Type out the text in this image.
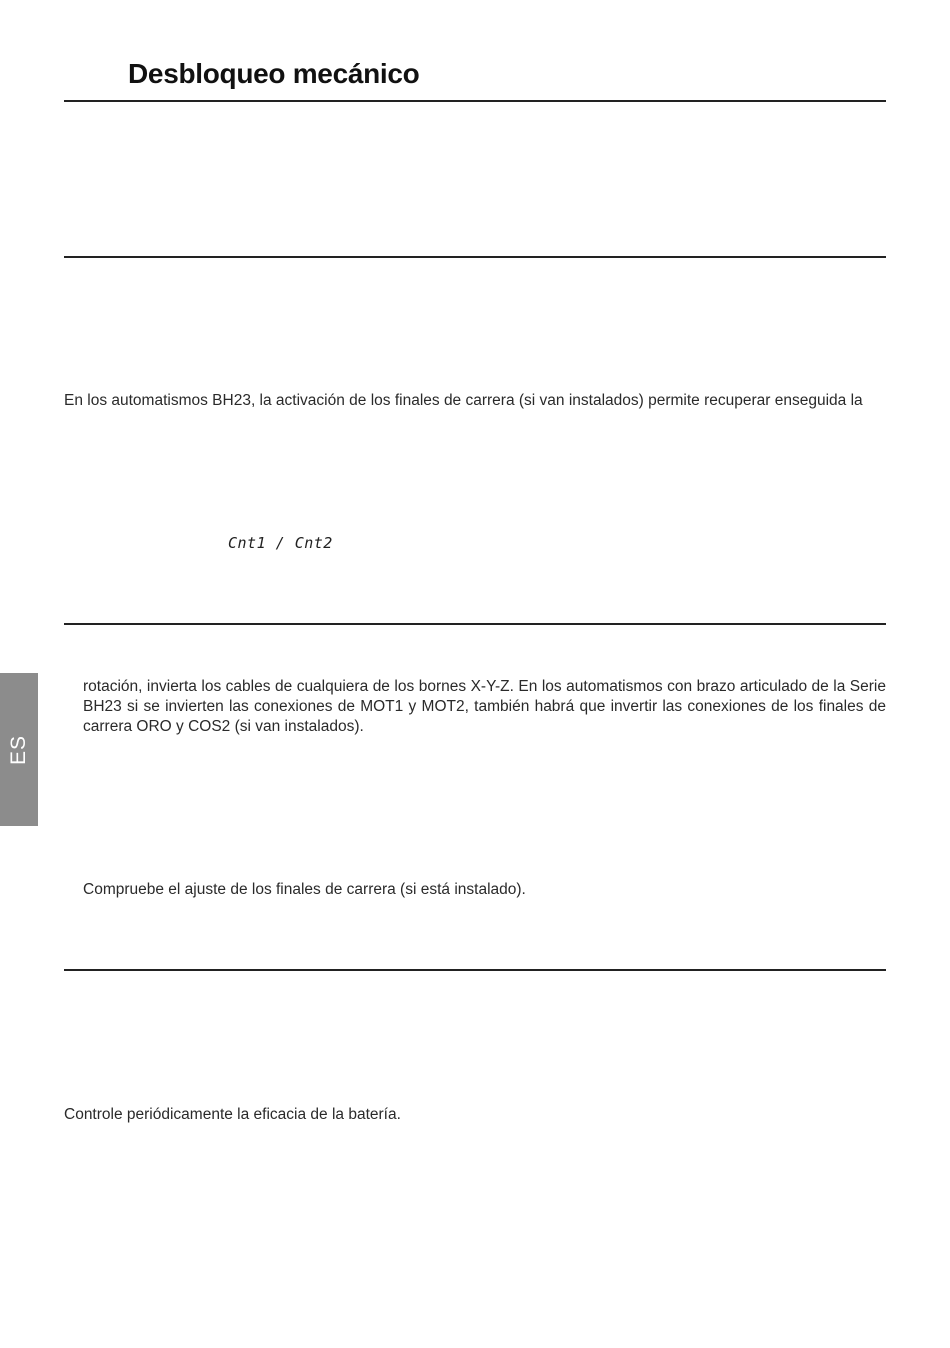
Desbloqueo mecánico

En los automatismos BH23, la activación de los finales de carrera (si van instalados) permite recuperar enseguida la

Cnt1 / Cnt2

rotación, invierta los cables de cualquiera de los bornes X-Y-Z. En los automatismos con brazo articulado de la Serie

BH23 si se invierten las conexiones de MOT1 y MOT2, también habrá que invertir las conexiones de los finales de

carrera ORO y COS2 (si van instalados).

Compruebe el ajuste de los finales de carrera (si está instalado).

Controle periódicamente la eficacia de la batería.

ES
